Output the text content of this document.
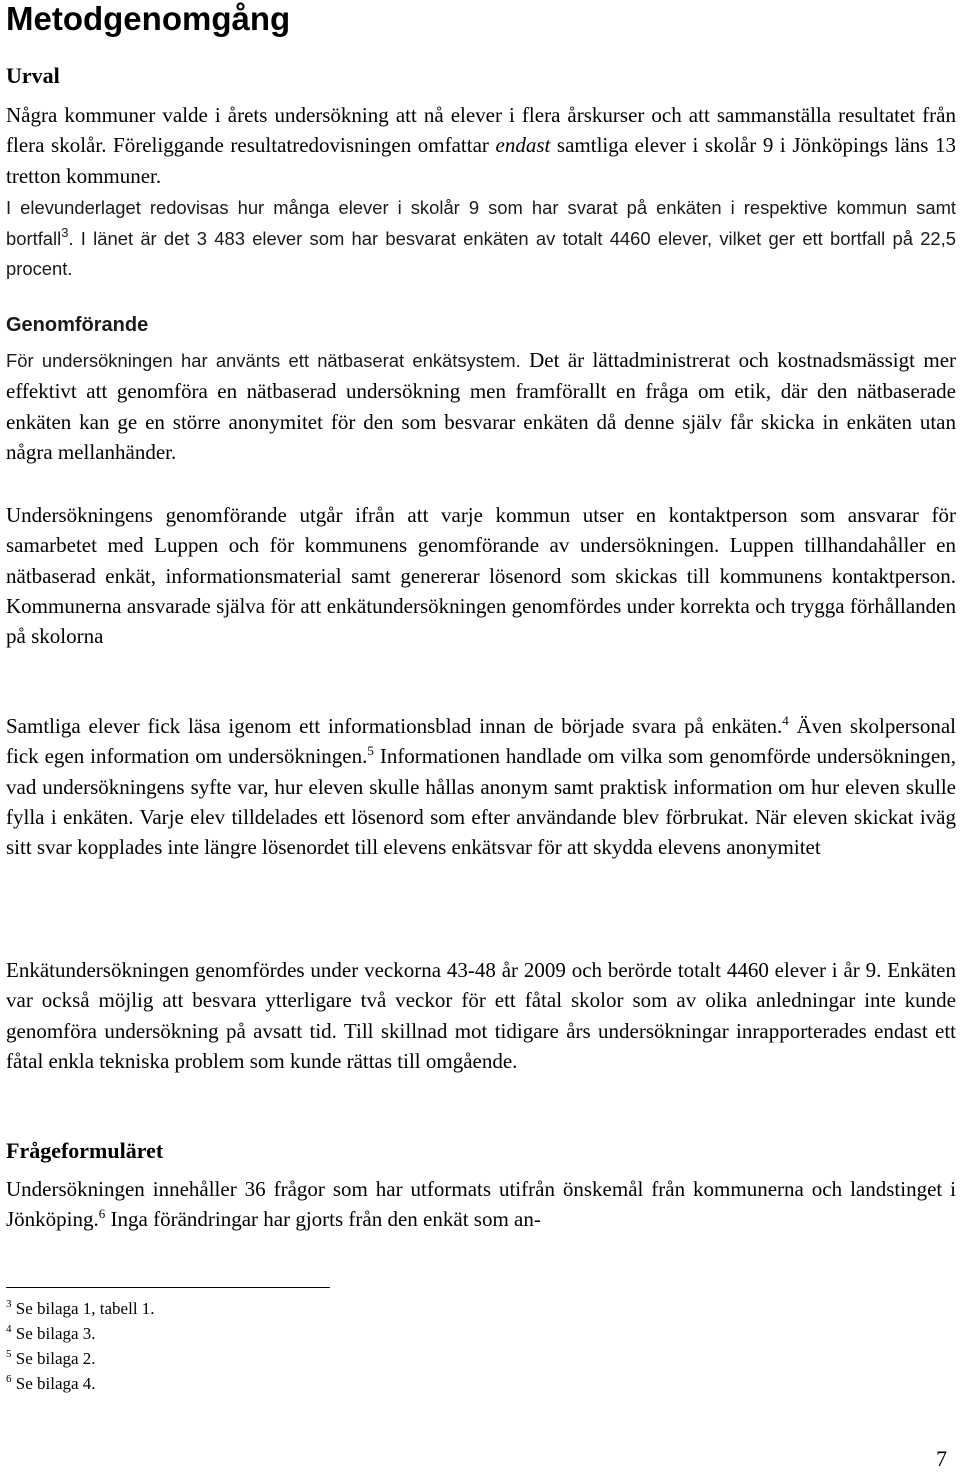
Metodgenomgång
Urval

Några kommuner valde i årets undersökning att nå elever i flera årskurser och att sammanställa resultatet från flera skolår. Föreliggande resultatredovisningen omfattar endast samtliga elever i skolår 9 i Jönköpings läns 13 tretton kommuner.

I elevunderlaget redovisas hur många elever i skolår 9 som har svarat på enkäten i respektive kommun samt bortfall$^3$. I länet är det 3 483 elever som har besvarat enkäten av totalt 4460 elever, vilket ger ett bortfall på 22,5 procent.

Genomförande

För undersökningen har använts ett nätbaserat enkätsystem. Det är lättadministrerat och kostnadsmässigt mer effektivt att genomföra en nätbaserad undersökning men framförallt en fråga om etik, där den nätbaserade enkäten kan ge en större anonymitet för den som besvarar enkäten då denne själv får skicka in enkäten utan några mellanhänder.

Undersökningens genomförande utgår ifrån att varje kommun utser en kontaktperson som ansvarar för samarbetet med Luppen och för kommunens genomförande av undersökningen. Luppen tillhandahåller en nätbaserad enkät, informationsmaterial samt genererar lösenord som skickas till kommunens kontaktperson. Kommunerna ansvarade själva för att enkätundersökningen genomfördes under korrekta och trygga förhållanden på skolorna

Samtliga elever fick läsa igenom ett informationsblad innan de började svara på enkäten.$^4$ Även skolpersonal fick egen information om undersökningen.$^5$ Informationen handlade om vilka som genomförde undersökningen, vad undersökningens syfte var, hur eleven skulle hållas anonym samt praktisk information om hur eleven skulle fylla i enkäten. Varje elev tilldelades ett lösenord som efter användande blev förbrukat. När eleven skickat iväg sitt svar kopplades inte längre lösenordet till elevens enkätsvar för att skydda elevens anonymitet

Enkätundersökningen genomfördes under veckorna 43-48 år 2009 och berörde totalt 4460 elever i år 9. Enkäten var också möjlig att besvara ytterligare två veckor för ett fåtal skolor som av olika anledningar inte kunde genomföra undersökning på avsatt tid. Till skillnad mot tidigare års undersökningar inrapporterades endast ett fåtal enkla tekniska problem som kunde rättas till omgående.

Frågeformuläret

Undersökningen innehåller 36 frågor som har utformats utifrån önskemål från kommunerna och landstinget i Jönköping.$^6$ Inga förändringar har gjorts från den enkät som an-

$^3$ Se bilaga 1, tabell 1.
$^4$ Se bilaga 3.
$^5$ Se bilaga 2.
$^6$ Se bilaga 4.
7
